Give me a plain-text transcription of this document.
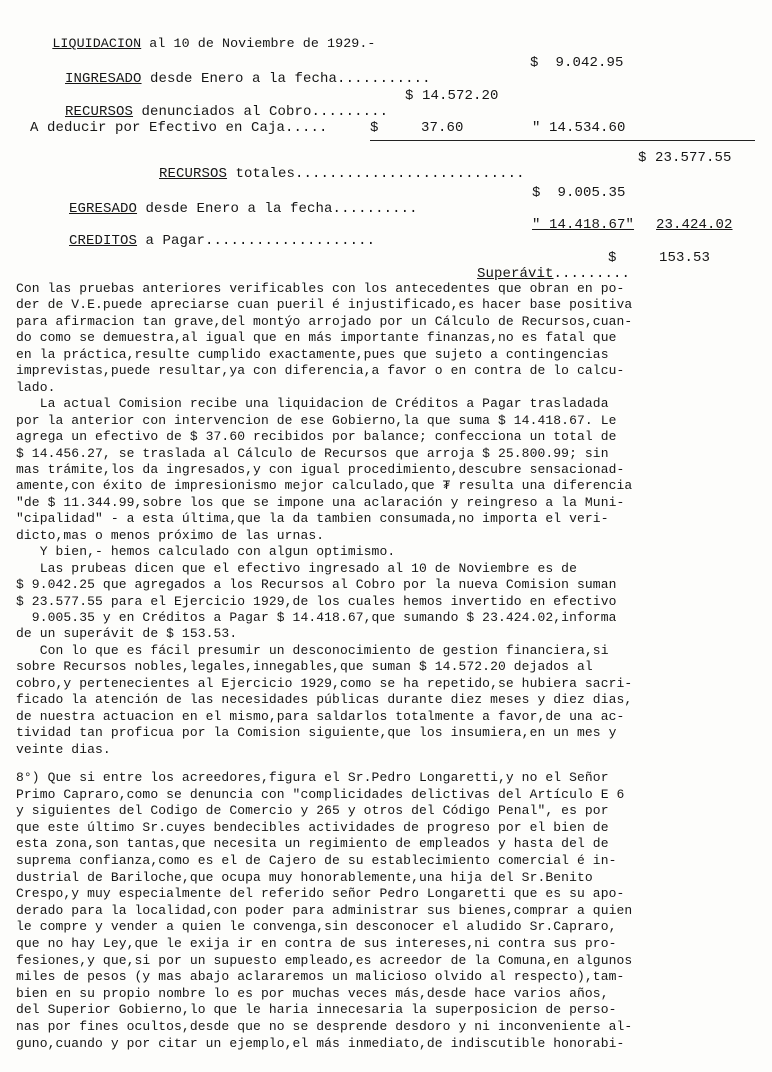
LIQUIDACION al 10 de Noviembre de 1929.-

INGRESADO desde Enero a la fecha...........

$  9.042.95

RECURSOS denunciados al Cobro.........

$ 14.572.20
A deducir por Efectivo en Caja.....	$     37.60	" 14.534.60

RECURSOS totales...........................

$ 23.577.55

EGRESADO desde Enero a la fecha..........

$  9.005.35

CREDITOS a Pagar....................

" 14.418.67" 23.424.02

Superávit.........

$     153.53
Con las pruebas anteriores verificables con los antecedentes que obran en po-
der de V.E.puede apreciarse cuan pueril é injustificado,es hacer base positiva
para afirmacion tan grave,del montýo arrojado por un Cálculo de Recursos,cuan-
do como se demuestra,al igual que en más importante finanzas,no es fatal que
en la práctica,resulte cumplido exactamente,pues que sujeto a contingencias
imprevistas,puede resultar,ya con diferencia,a favor o en contra de lo calcu-
lado.
La actual Comision recibe una liquidacion de Créditos a Pagar trasladada
por la anterior con intervencion de ese Gobierno,la que suma $ 14.418.67. Le
agrega un efectivo de $ 37.60 recibidos por balance; confecciona un total de
$ 14.456.27, se traslada al Cálculo de Recursos que arroja $ 25.800.99; sin
mas trámite,los da ingresados,y con igual procedimiento,descubre sensacionad-
amente,con éxito de impresionismo mejor calculado,que ₮ resulta una diferencia
"de $ 11.344.99,sobre los que se impone una aclaración y reingreso a la Muni-
"cipalidad" - a esta última,que la da tambien consumada,no importa el veri-
dicto,mas o menos próximo de las urnas.
Y bien,- hemos calculado con algun optimismo.
Las prubeas dicen que el efectivo ingresado al 10 de Noviembre es de
$ 9.042.25 que agregados a los Recursos al Cobro por la nueva Comision suman
$ 23.577.55 para el Ejercicio 1929,de los cuales hemos invertido en efectivo
9.005.35 y en Créditos a Pagar $ 14.418.67,que sumando $ 23.424.02,informa
de un superávit de $ 153.53.
Con lo que es fácil presumir un desconocimiento de gestion financiera,si
sobre Recursos nobles,legales,innegables,que suman $ 14.572.20 dejados al
cobro,y pertenecientes al Ejercicio 1929,como se ha repetido,se hubiera sacri-
ficado la atención de las necesidades públicas durante diez meses y diez dias,
de nuestra actuacion en el mismo,para saldarlos totalmente a favor,de una ac-
tividad tan proficua por la Comision siguiente,que los insumiera,en un mes y
veinte dias.
8°) Que si entre los acreedores,figura el Sr.Pedro Longaretti,y no el Señor
Primo Capraro,como se denuncia con "complicidades delictivas del Artículo E 6
y siguientes del Codigo de Comercio y 265 y otros del Código Penal", es por
que este último Sr.cuyes bendecibles actividades de progreso por el bien de
esta zona,son tantas,que necesita un regimiento de empleados y hasta del de
suprema confianza,como es el de Cajero de su establecimiento comercial é in-
dustrial de Bariloche,que ocupa muy honorablemente,una hija del Sr.Benito
Crespo,y muy especialmente del referido señor Pedro Longaretti que es su apo-
derado para la localidad,con poder para administrar sus bienes,comprar a quien
le compre y vender a quien le convenga,sin desconocer el aludido Sr.Capraro,
que no hay Ley,que le exija ir en contra de sus intereses,ni contra sus pro-
fesiones,y que,si por un supuesto empleado,es acreedor de la Comuna,en algunos
miles de pesos (y mas abajo aclararemos un malicioso olvido al respecto),tam-
bien en su propio nombre lo es por muchas veces más,desde hace varios años,
del Superior Gobierno,lo que le haria innecesaria la superposicion de perso-
nas por fines ocultos,desde que no se desprende desdoro y ni inconveniente al-
guno,cuando y por citar un ejemplo,el más inmediato,de indiscutible honorabi-
